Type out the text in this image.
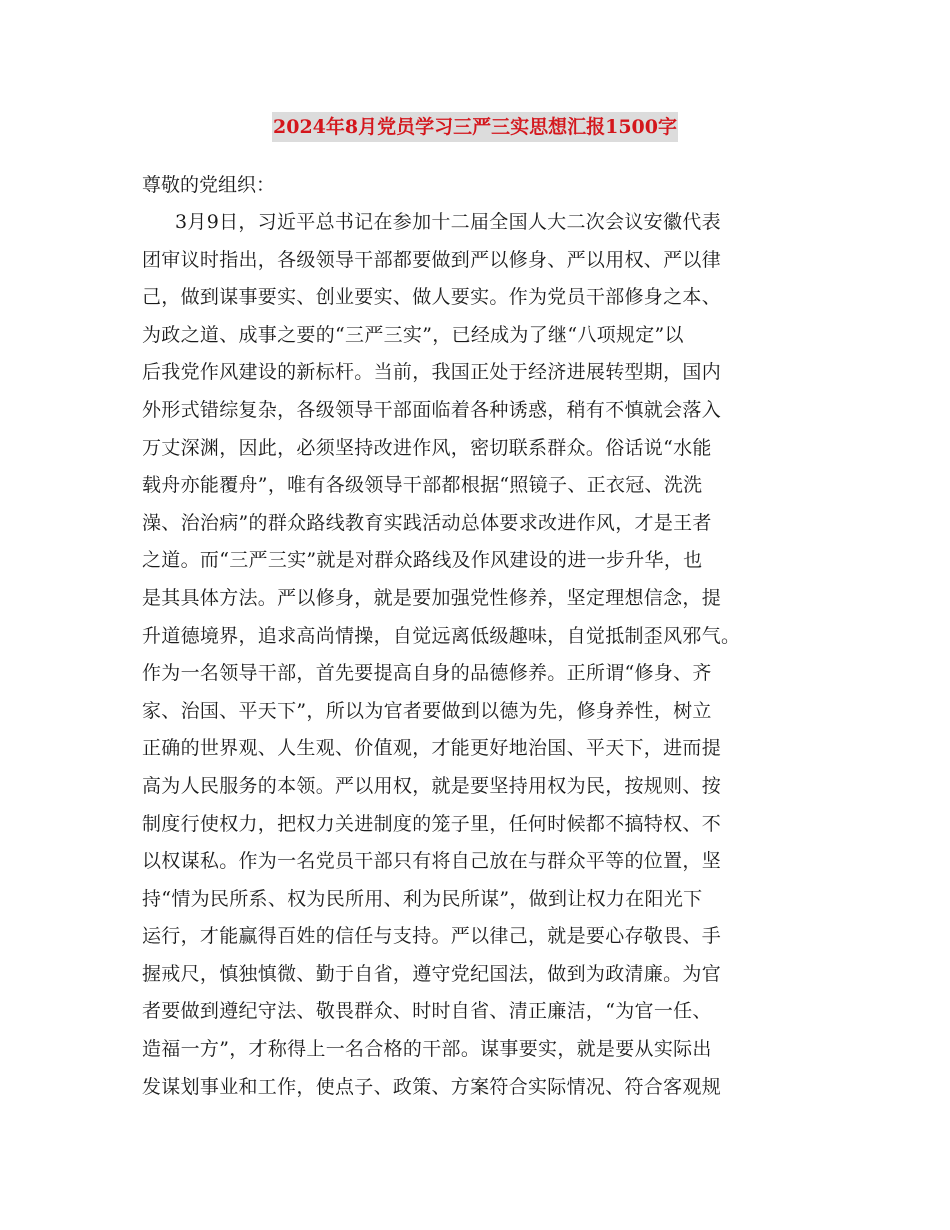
2024年8月党员学习三严三实思想汇报1500字
尊敬的党组织：
3月9日，习近平总书记在参加十二届全国人大二次会议安徽代表
团审议时指出，各级领导干部都要做到严以修身、严以用权、严以律
己，做到谋事要实、创业要实、做人要实。作为党员干部修身之本、
为政之道、成事之要的“三严三实”，已经成为了继“八项规定”以
后我党作风建设的新标杆。当前，我国正处于经济进展转型期，国内
外形式错综复杂，各级领导干部面临着各种诱惑，稍有不慎就会落入
万丈深渊，因此，必须坚持改进作风，密切联系群众。俗话说“水能
载舟亦能覆舟”，唯有各级领导干部都根据“照镜子、正衣冠、洗洗
澡、治治病”的群众路线教育实践活动总体要求改进作风，才是王者
之道。而“三严三实”就是对群众路线及作风建设的进一步升华，也
是其具体方法。严以修身，就是要加强党性修养，坚定理想信念，提
升道德境界，追求高尚情操，自觉远离低级趣味，自觉抵制歪风邪气。
作为一名领导干部，首先要提高自身的品德修养。正所谓“修身、齐
家、治国、平天下”，所以为官者要做到以德为先，修身养性，树立
正确的世界观、人生观、价值观，才能更好地治国、平天下，进而提
高为人民服务的本领。严以用权，就是要坚持用权为民，按规则、按
制度行使权力，把权力关进制度的笼子里，任何时候都不搞特权、不
以权谋私。作为一名党员干部只有将自己放在与群众平等的位置，坚
持“情为民所系、权为民所用、利为民所谋”，做到让权力在阳光下
运行，才能赢得百姓的信任与支持。严以律己，就是要心存敬畏、手
握戒尺，慎独慎微、勤于自省，遵守党纪国法，做到为政清廉。为官
者要做到遵纪守法、敬畏群众、时时自省、清正廉洁，“为官一任、
造福一方”，才称得上一名合格的干部。谋事要实，就是要从实际出
发谋划事业和工作，使点子、政策、方案符合实际情况、符合客观规
